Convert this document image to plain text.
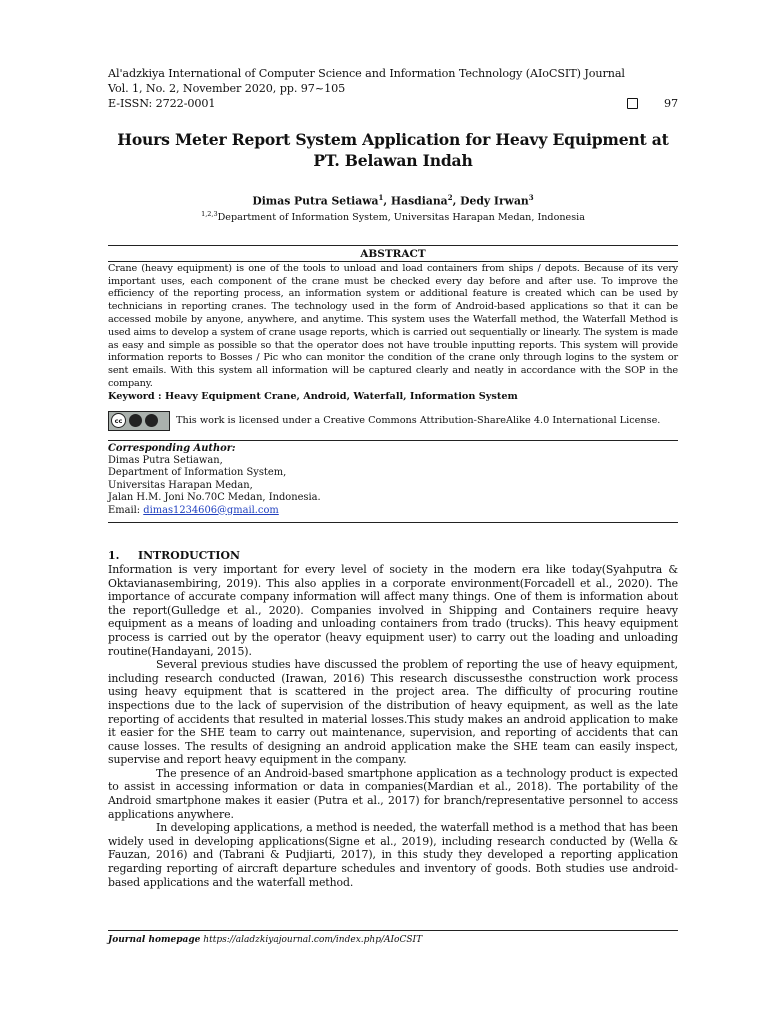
Al'adzkiya International of Computer Science and Information Technology (AIoCSIT) Journal
Vol. 1, No. 2, November 2020, pp. 97~105
E-ISSN: 2722-0001	97
Hours Meter Report System Application for Heavy Equipment at PT. Belawan Indah
Dimas Putra Setiawa$^1$, Hasdiana$^2$, Dedy Irwan$^3$
$^{1,2,3}$Department of Information System, Universitas Harapan Medan, Indonesia
ABSTRACT
Crane (heavy equipment) is one of the tools to unload and load containers from ships / depots. Because of its very important uses, each component of the crane must be checked every day before and after use. To improve the efficiency of the reporting process, an information system or additional feature is created which can be used by technicians in reporting cranes. The technology used in the form of Android-based applications so that it can be accessed mobile by anyone, anywhere, and anytime. This system uses the Waterfall method, the Waterfall Method is used aims to develop a system of crane usage reports, which is carried out sequentially or linearly. The system is made as easy and simple as possible so that the operator does not have trouble inputting reports. This system will provide information reports to Bosses / Pic who can monitor the condition of the crane only through logins to the system or sent emails. With this system all information will be captured clearly and neatly in accordance with the SOP in the company.
Keyword : Heavy Equipment Crane, Android, Waterfall, Information System
cc	This work is licensed under a Creative Commons Attribution-ShareAlike 4.0 International License.
Corresponding Author:
Dimas Putra Setiawan,
Department of Information System,
Universitas Harapan Medan,
Jalan H.M. Joni No.70C Medan, Indonesia.
Email: dimas1234606@gmail.com
1. INTRODUCTION

Information is very important for every level of society in the modern era like today(Syahputra & Oktavianasembiring, 2019). This also applies in a corporate environment(Forcadell et al., 2020). The importance of accurate company information will affect many things. One of them is information about the report(Gulledge et al., 2020). Companies involved in Shipping and Containers require heavy equipment as a means of loading and unloading containers from trado (trucks). This heavy equipment process is carried out by the operator (heavy equipment user) to carry out the loading and unloading routine(Handayani, 2015).

Several previous studies have discussed the problem of reporting the use of heavy equipment, including research conducted (Irawan, 2016) This research discussesthe construction work process using heavy equipment that is scattered in the project area. The difficulty of procuring routine inspections due to the lack of supervision of the distribution of heavy equipment, as well as the late reporting of accidents that resulted in material losses.This study makes an android application to make it easier for the SHE team to carry out maintenance, supervision, and reporting of accidents that can cause losses. The results of designing an android application make the SHE team can easily inspect, supervise and report heavy equipment in the company.

The presence of an Android-based smartphone application as a technology product is expected to assist in accessing information or data in companies(Mardian et al., 2018). The portability of the Android smartphone makes it easier (Putra et al., 2017) for branch/representative personnel to access applications anywhere.

In developing applications, a method is needed, the waterfall method is a method that has been widely used in developing applications(Signe et al., 2019), including research conducted by (Wella & Fauzan, 2016) and (Tabrani & Pudjiarti, 2017), in this study they developed a reporting application regarding reporting of aircraft departure schedules and inventory of goods. Both studies use android-based applications and the waterfall method.

Journal homepage https://aladzkiyajournal.com/index.php/AIoCSIT
